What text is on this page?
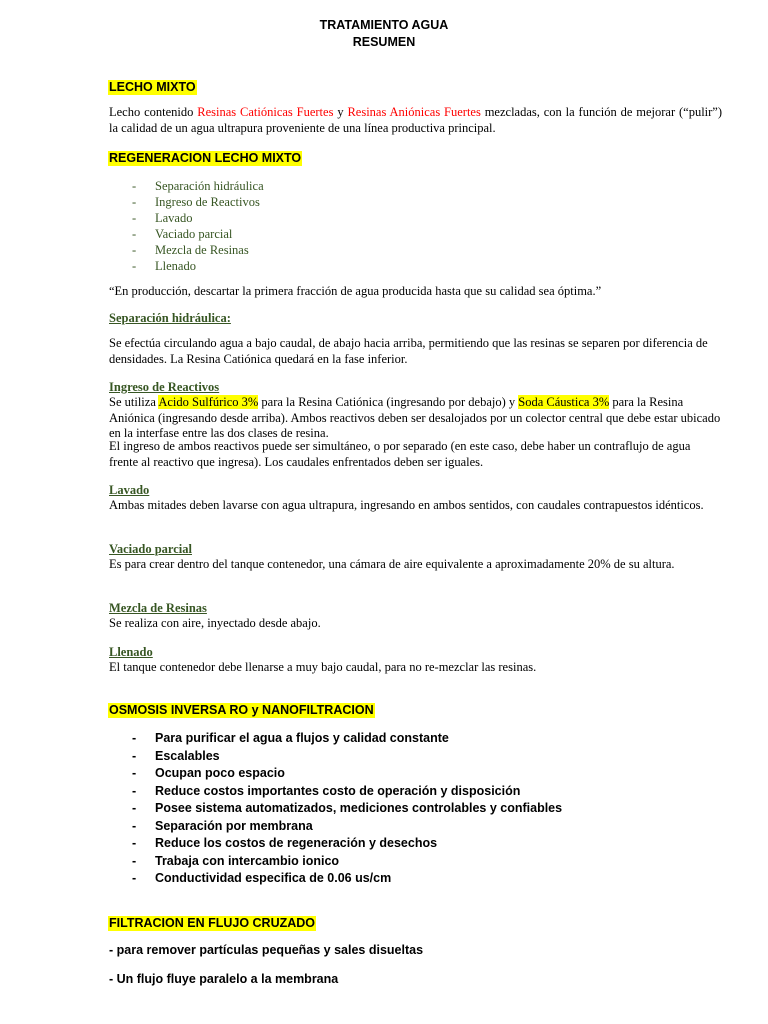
TRATAMIENTO AGUA
RESUMEN
LECHO MIXTO

Lecho contenido Resinas Catiónicas Fuertes y Resinas Aniónicas Fuertes mezcladas, con la función de mejorar (“pulir”) la calidad de un agua ultrapura proveniente de una línea productiva principal.

REGENERACION LECHO MIXTO
- Separación hidráulica
- Ingreso de Reactivos
- Lavado
- Vaciado parcial
- Mezcla de Resinas
- Llenado

“En producción, descartar la primera fracción de agua producida hasta que su calidad sea óptima.”

Separación hidráulica:

Se efectúa circulando agua a bajo caudal, de abajo hacia arriba, permitiendo que las resinas se separen por diferencia de densidades. La Resina Catiónica quedará en la fase inferior.

Ingreso de Reactivos

Se utiliza Acido Sulfúrico 3% para la Resina Catiónica (ingresando por debajo) y Soda Cáustica 3% para la Resina Aniónica (ingresando desde arriba). Ambos reactivos deben ser desalojados por un colector central que debe estar ubicado en la interfase entre las dos clases de resina.

El ingreso de ambos reactivos puede ser simultáneo, o por separado (en este caso, debe haber un contraflujo de agua frente al reactivo que ingresa). Los caudales enfrentados deben ser iguales.

Lavado

Ambas mitades deben lavarse con agua ultrapura, ingresando en ambos sentidos, con caudales contrapuestos idénticos.

Vaciado parcial

Es para crear dentro del tanque contenedor, una cámara de aire equivalente a aproximadamente 20% de su altura.

Mezcla de Resinas

Se realiza con aire, inyectado desde abajo.

Llenado

El tanque contenedor debe llenarse a muy bajo caudal, para no re-mezclar las resinas.

OSMOSIS INVERSA RO y NANOFILTRACION
- Para purificar el agua a flujos y calidad constante
- Escalables
- Ocupan poco espacio
- Reduce costos importantes costo de operación y disposición
- Posee sistema automatizados, mediciones controlables y confiables
- Separación por membrana
- Reduce los costos de regeneración y desechos
- Trabaja con intercambio ionico
- Conductividad especifica de 0.06 us/cm
FILTRACION EN FLUJO CRUZADO
- para remover partículas pequeñas y sales disueltas
- Un flujo fluye paralelo a la membrana
